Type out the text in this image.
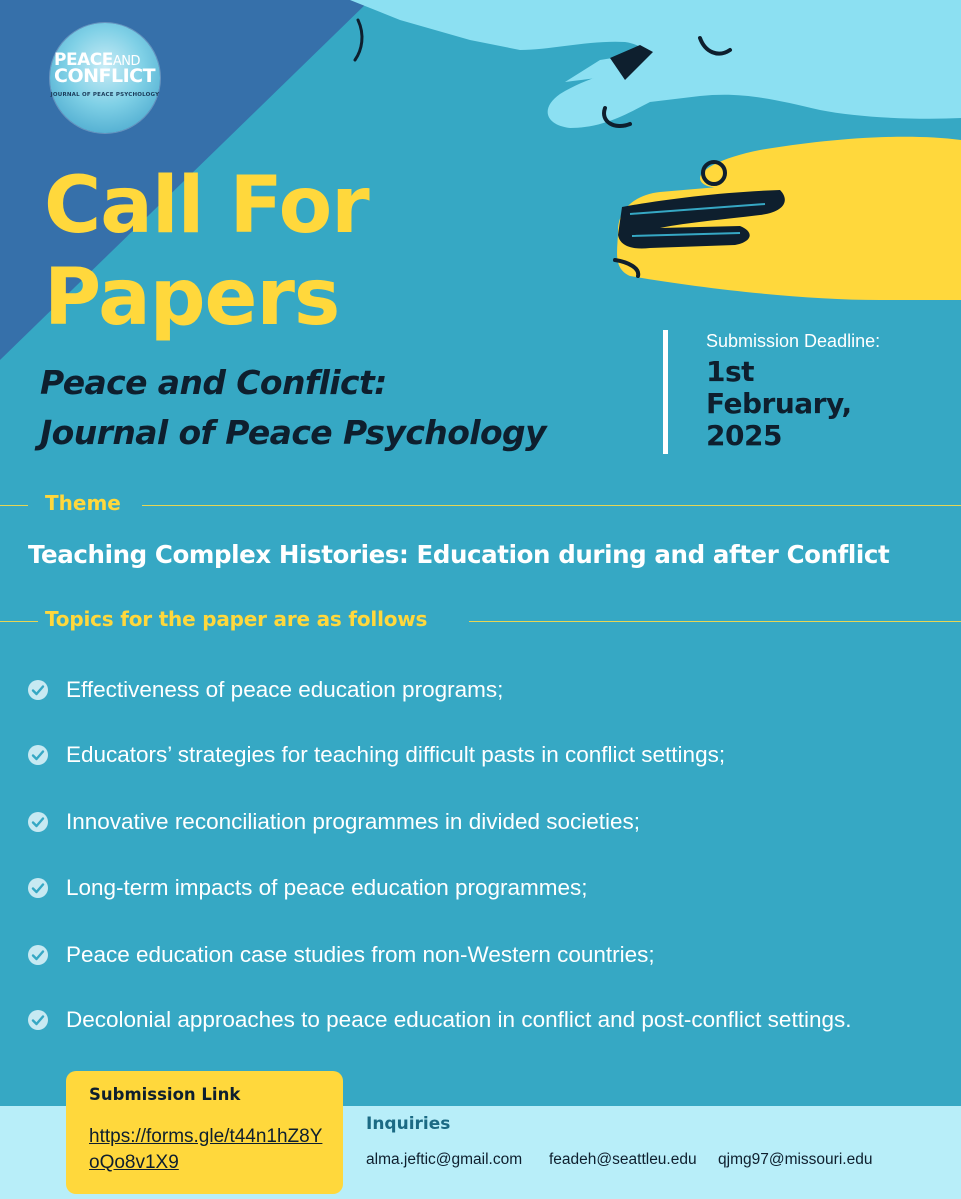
PEACEAND
CONFLICT
JOURNAL OF PEACE PSYCHOLOGY
Call For
Papers
Peace and Conflict:
Journal of Peace Psychology
Submission Deadline:

1st
February,
2025

Theme
Teaching Complex Histories: Education during and after Conflict
Topics for the paper are as follows
Effectiveness of peace education programs;
Educators’ strategies for teaching difficult pasts in conflict settings;
Innovative reconciliation programmes in divided societies;
Long-term impacts of peace education programmes;
Peace education case studies from non-Western countries;
Decolonial approaches to peace education in conflict and post-conflict settings.
Submission Link
https://forms.gle/t44n1hZ8YoQo8v1X9
Inquiries
alma.jeftic@gmail.com feadeh@seattleu.edu qjmg97@missouri.edu
